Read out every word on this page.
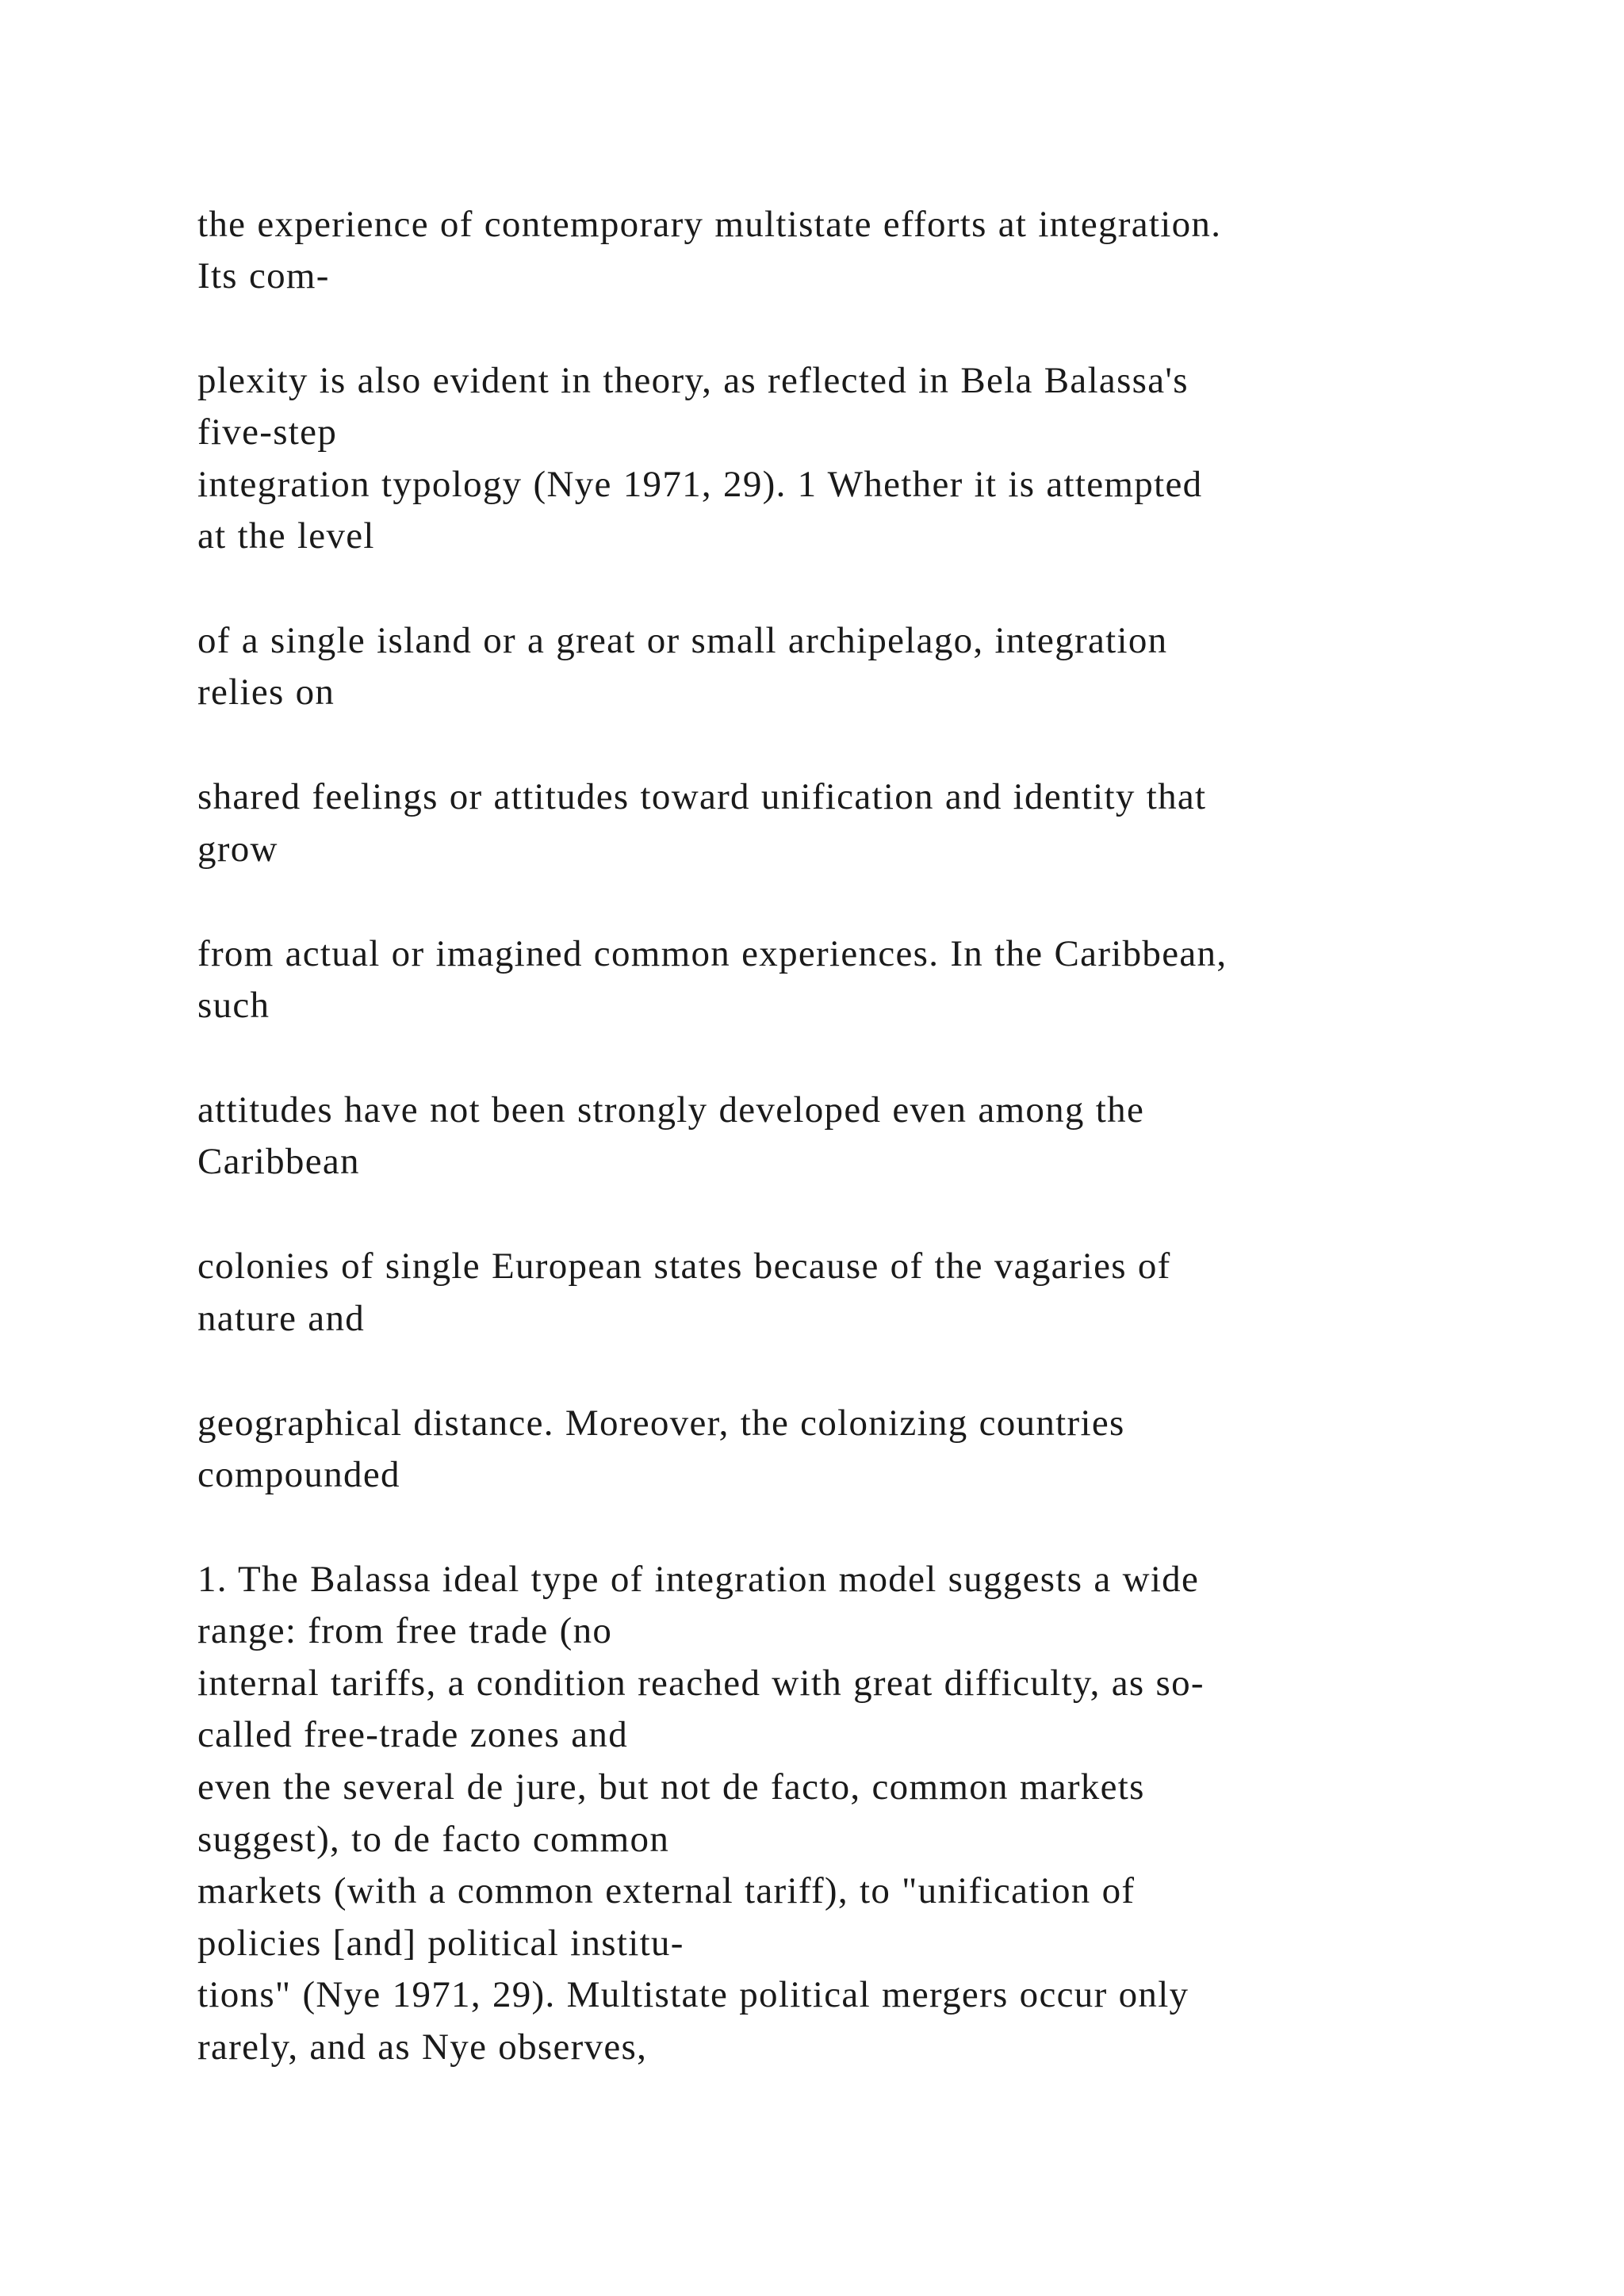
the experience of contemporary multistate efforts at integration.

Its com-

plexity is also evident in theory, as reflected in Bela Balassa's

five-step

integration typology (Nye 1971, 29). 1 Whether it is attempted

at the level

of a single island or a great or small archipelago, integration

relies on

shared feelings or attitudes toward unification and identity that

grow

from actual or imagined common experiences. In the Caribbean,

such

attitudes have not been strongly developed even among the

Caribbean

colonies of single European states because of the vagaries of

nature and

geographical distance. Moreover, the colonizing countries

compounded

1. The Balassa ideal type of integration model suggests a wide

range: from free trade (no

internal tariffs, a condition reached with great difficulty, as so-

called free-trade zones and

even the several de jure, but not de facto, common markets

suggest), to de facto common

markets (with a common external tariff), to "unification of

policies [and] political institu-

tions" (Nye 1971, 29). Multistate political mergers occur only

rarely, and as Nye observes,
